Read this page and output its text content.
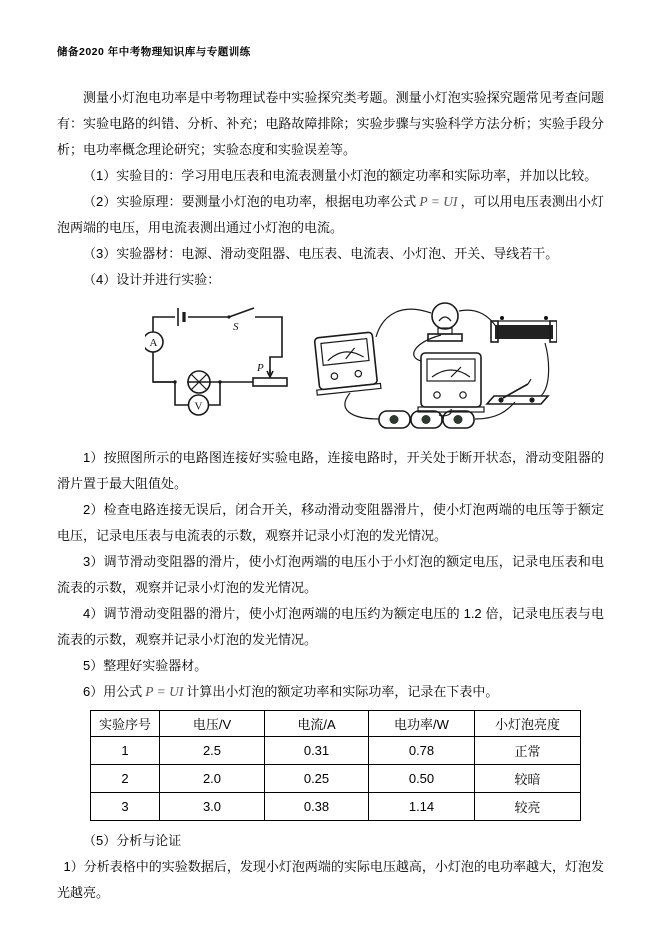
储备2020 年中考物理知识库与专题训练

测量小灯泡电功率是中考物理试卷中实验探究类考题。测量小灯泡实验探究题常见考查问题有：实验电路的纠错、分析、补充；电路故障排除；实验步骤与实验科学方法分析；实验手段分析；电功率概念理论研究；实验态度和实验误差等。

（1）实验目的：学习用电压表和电流表测量小灯泡的额定功率和实际功率，并加以比较。

（2）实验原理：要测量小灯泡的电功率，根据电功率公式 P = UI ，可以用电压表测出小灯泡两端的电压，用电流表测出通过小灯泡的电流。

（3）实验器材：电源、滑动变阻器、电压表、电流表、小灯泡、开关、导线若干。

（4）设计并进行实验：

S
A
V
P

1）按照图所示的电路图连接好实验电路，连接电路时，开关处于断开状态，滑动变阻器的滑片置于最大阻值处。

2）检查电路连接无误后，闭合开关，移动滑动变阻器滑片，使小灯泡两端的电压等于额定电压，记录电压表与电流表的示数，观察并记录小灯泡的发光情况。

3）调节滑动变阻器的滑片，使小灯泡两端的电压小于小灯泡的额定电压，记录电压表和电流表的示数，观察并记录小灯泡的发光情况。

4）调节滑动变阻器的滑片，使小灯泡两端的电压约为额定电压的 1.2 倍，记录电压表与电流表的示数，观察并记录小灯泡的发光情况。

5）整理好实验器材。

6）用公式 P = UI 计算出小灯泡的额定功率和实际功率，记录在下表中。

实验序号	电压/V	电流/A	电功率/W	小灯泡亮度
1	2.5	0.31	0.78	正常
2	2.0	0.25	0.50	较暗
3	3.0	0.38	1.14	较亮

（5）分析与论证

1）分析表格中的实验数据后，发现小灯泡两端的实际电压越高，小灯泡的电功率越大，灯泡发光越亮。
